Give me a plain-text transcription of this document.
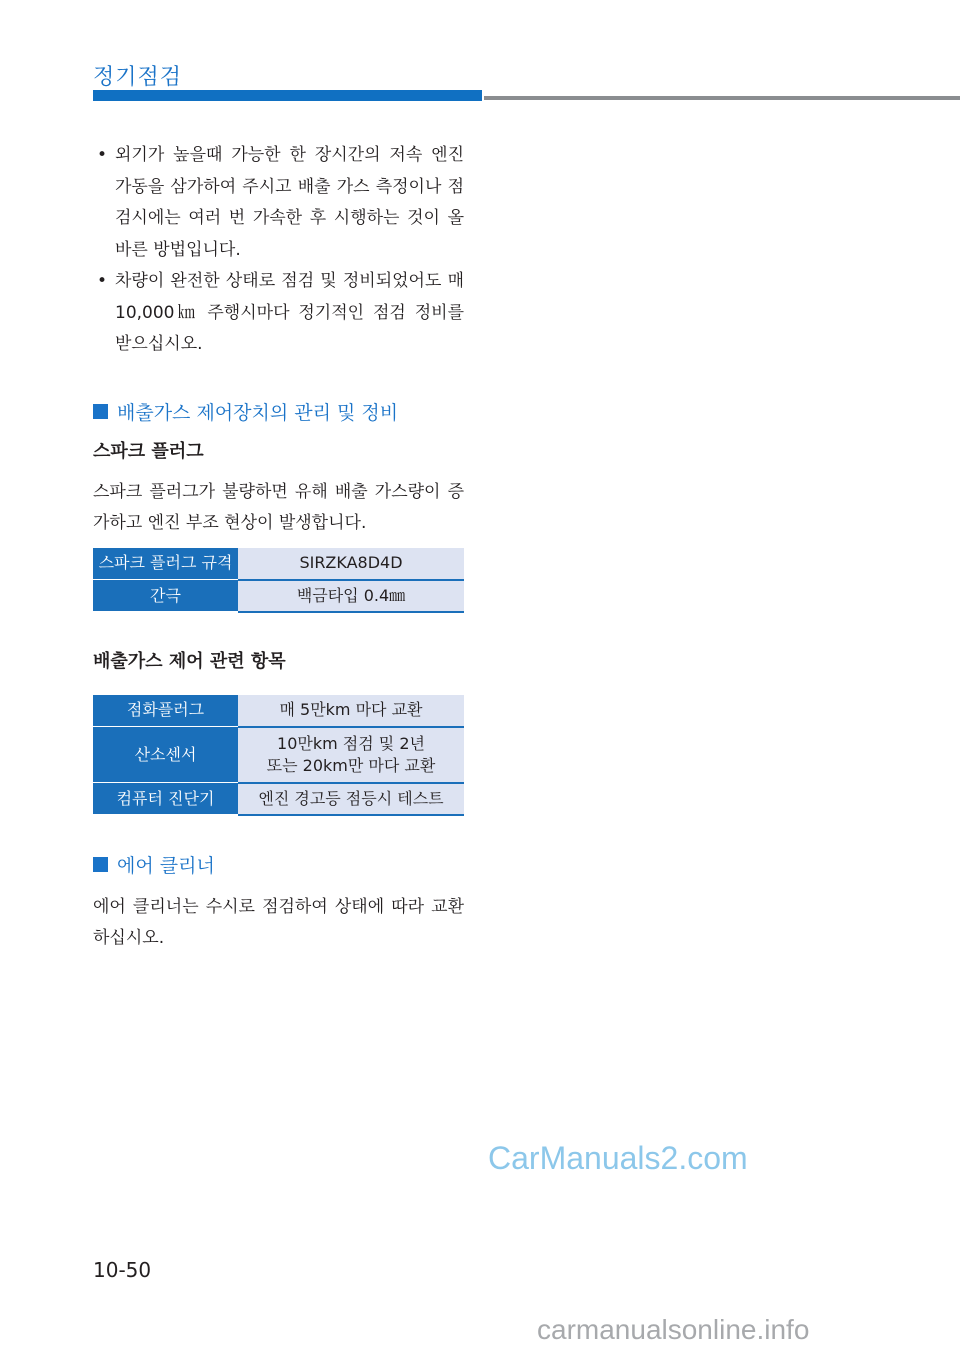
정기점검
• 외기가 높을때 가능한 한 장시간의 저속 엔진 가동을 삼가하여 주시고 배출 가스 측정이나 점검시에는 여러 번 가속한 후 시행하는 것이 올바른 방법입니다.
• 차량이 완전한 상태로 점검 및 정비되었어도 매 10,000㎞ 주행시마다 정기적인 점검 정비를 받으십시오.
배출가스 제어장치의 관리 및 정비
스파크 플러그
스파크 플러그가 불량하면 유해 배출 가스량이 증가하고 엔진 부조 현상이 발생합니다.
스파크 플러그 규격	SIRZKA8D4D
간극	백금타입 0.4㎜
배출가스 제어 관련 항목
점화플러그	매 5만km 마다 교환
산소센서	10만km 점검 및 2년
또는 20km만 마다 교환

컴퓨터 진단기	엔진 경고등 점등시 테스트
에어 클리너
에어 클리너는 수시로 점검하여 상태에 따라 교환하십시오.
CarManuals2.com
10-50
carmanualsonline.info
